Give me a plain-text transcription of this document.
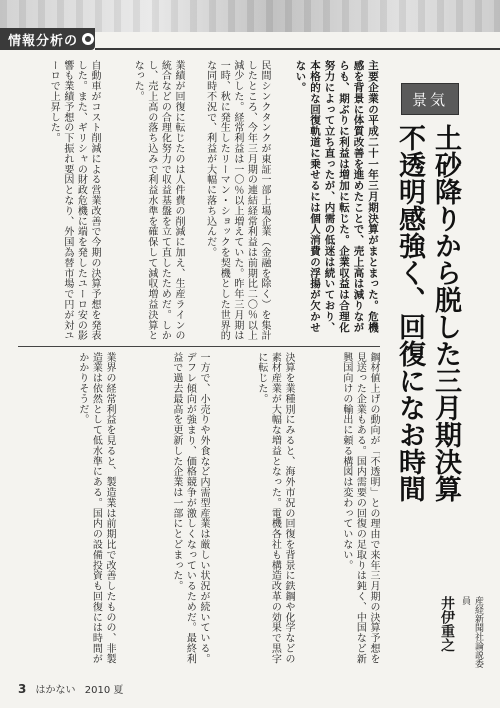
情報分析の
景気
土砂降りから脱した三月期決算
不透明感強く、回復になお時間
産経新聞社論説委員
井伊重之
主要企業の平成二十一年三月期決算がまとまった。危機感を背景に体質改善を進めたことで、売上高は減りながらも、期ぶりに利益は増加に転じた。企業収益は合理化努力によって立ち直ったが、内需の低迷は続いており、本格的な回復軌道に乗せるには個人消費の浮揚が欠かせない。
民間シンクタンクが東証一部上場企業（金融を除く）を集計したところ、今年三月期の連結経常利益は前期比二〇％以上減少した。経常利益は一〇％以上増えていた。昨年三月期は一時、秋に発生したリーマン・ショックを契機とした世界的な同時不況で、利益が大幅に落ち込んだ。
業績が回復に転じたのは人件費の削減に加え、生産ラインの統合などの合理化努力で収益基盤を立て直したためだ。しかし、売上高の落ち込みで利益水準を確保して減収増益決算となった。
自動車がコスト削減による営業改善で今期の決算予想を発表した。また、ギリシャの財政危機に端を発したユーロ安の影響も業績予想の下振れ要因となり、外国為替市場で円が対ユーロで上昇した。
鋼材値上げの動向が「不透明」との理由で来年三月期の決算予想を見送った企業もある。国内需要の回復の足取りは鈍く、中国など新興国向けの輸出に頼る構図は変わっていない。
決算を業種別にみると、海外市況の回復を背景に鉄鋼や化学などの素材産業が大幅な増益となった。電機各社も構造改革の効果で黒字に転じた。
一方で、小売りや外食など内需型産業は厳しい状況が続いている。デフレ傾向が強まり、価格競争が激しくなっているためだ。最終利益で過去最高を更新した企業は一部にとどまった。
業界の経常利益を見ると、製造業は前期比で改善したものの、非製造業は依然として低水準にある。国内の設備投資も回復には時間がかかりそうだ。
3 はかない 2010 夏
